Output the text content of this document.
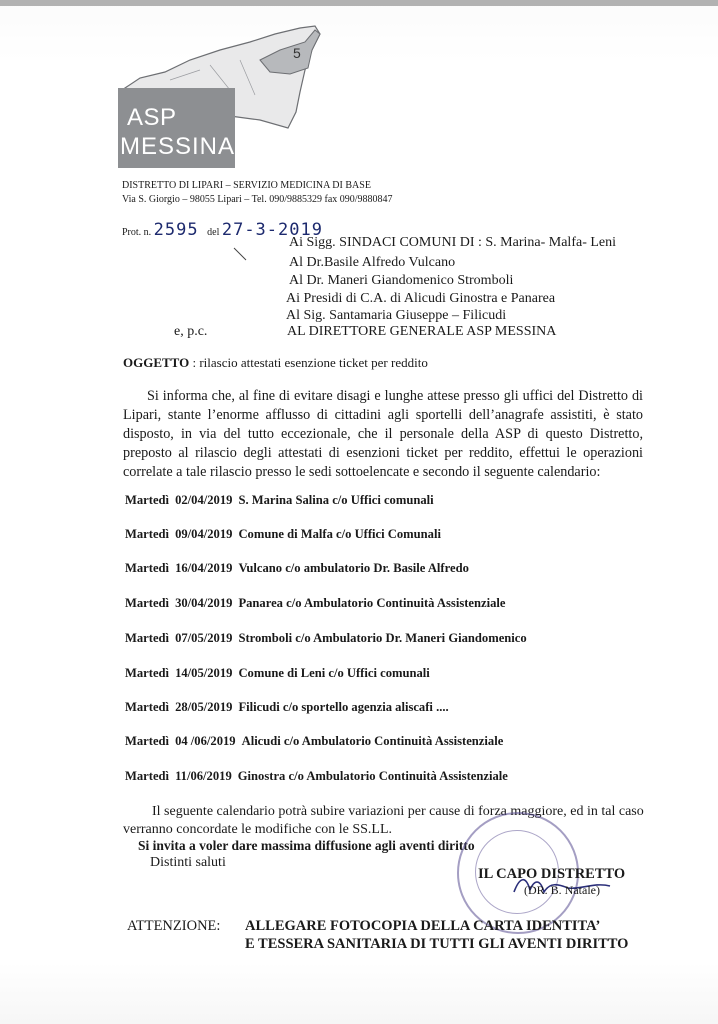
ASP
MESSINA
5
DISTRETTO DI LIPARI – SERVIZIO MEDICINA DI BASE
Via S. Giorgio – 98055 Lipari – Tel. 090/9885329 fax 090/9880847
Prot. n. 2595 del 27-3-2019
Ai Sigg. SINDACI COMUNI DI : S. Marina- Malfa- Leni
Al Dr.Basile Alfredo Vulcano
Al Dr. Maneri Giandomenico Stromboli
Ai Presidi di C.A. di Alicudi Ginostra e Panarea
Al Sig. Santamaria Giuseppe – Filicudi
e, p.c.	AL DIRETTORE GENERALE ASP MESSINA
OGGETTO : rilascio attestati esenzione ticket per reddito
Si informa che, al fine di evitare disagi e lunghe attese presso gli uffici del Distretto di Lipari, stante l’enorme afflusso di cittadini agli sportelli dell’anagrafe assistiti, è stato disposto, in via del tutto eccezionale, che il personale della ASP di questo Distretto, preposto al rilascio degli attestati di esenzioni ticket per reddito, effettui le operazioni correlate a tale rilascio presso le sedi sottoelencate e secondo il seguente calendario:
Martedì 02/04/2019 S. Marina Salina c/o Uffici comunali
Martedì 09/04/2019 Comune di Malfa c/o Uffici Comunali
Martedì 16/04/2019 Vulcano c/o ambulatorio Dr. Basile Alfredo
Martedì 30/04/2019 Panarea c/o Ambulatorio Continuità Assistenziale
Martedì 07/05/2019 Stromboli c/o Ambulatorio Dr. Maneri Giandomenico
Martedì 14/05/2019 Comune di Leni c/o Uffici comunali
Martedì 28/05/2019 Filicudi c/o sportello agenzia aliscafi ....
Martedì 04 /06/2019 Alicudi c/o Ambulatorio Continuità Assistenziale
Martedì 11/06/2019 Ginostra c/o Ambulatorio Continuità Assistenziale
Il seguente calendario potrà subire variazioni per cause di forza maggiore, ed in tal caso
verranno concordate le modifiche con le SS.LL.
Si invita a voler dare massima diffusione agli aventi diritto
Distinti saluti
IL CAPO DISTRETTO
(DR. B. Natale)
ATTENZIONE: ALLEGARE FOTOCOPIA DELLA CARTA IDENTITA’
E TESSERA SANITARIA DI TUTTI GLI AVENTI DIRITTO
